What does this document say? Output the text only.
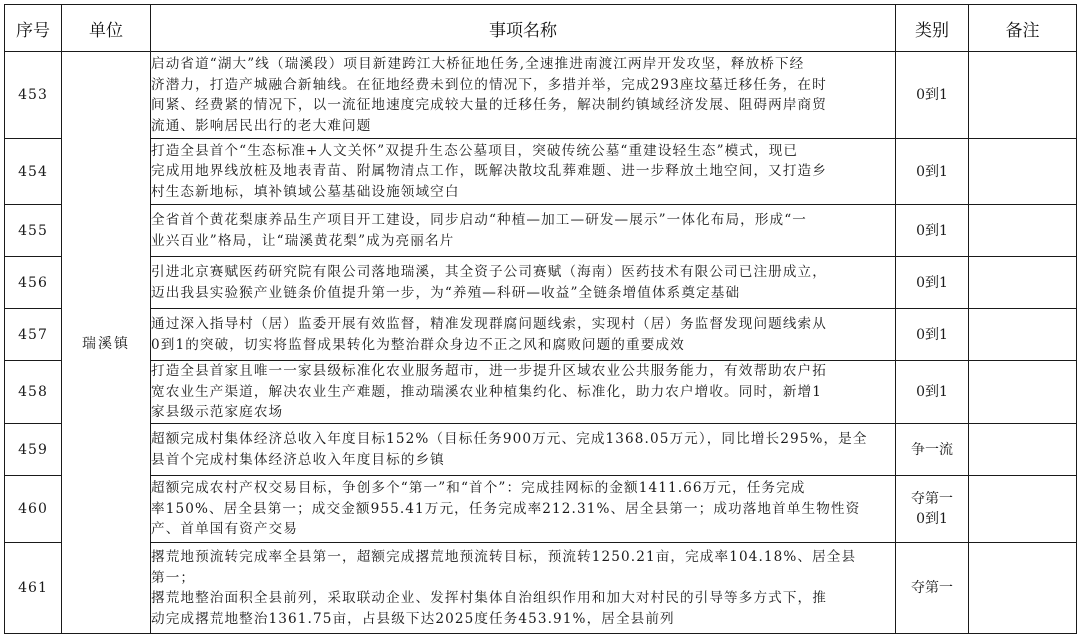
序号	单位	事项名称	类别	备注
453	瑞溪镇	启动省道“湖大”线（瑞溪段）项目新建跨江大桥征地任务,全速推进南渡江两岸开发攻坚，释放桥下经
济潜力，打造产城融合新轴线。在征地经费未到位的情况下，多措并举，完成293座坟墓迁移任务，在时
间紧、经费紧的情况下，以一流征地速度完成较大量的迁移任务，解决制约镇域经济发展、阻碍两岸商贸
流通、影响居民出行的老大难问题	0到1	

454		打造全县首个“生态标准+人文关怀”双提升生态公墓项目，突破传统公墓“重建设轻生态”模式，现已
完成用地界线放桩及地表青苗、附属物清点工作，既解决散坟乱葬难题、进一步释放土地空间，又打造乡
村生态新地标，填补镇域公墓基础设施领域空白	0到1	

455		全省首个黄花梨康养品生产项目开工建设，同步启动“种植—加工—研发—展示”一体化布局，形成“一
业兴百业”格局，让“瑞溪黄花梨”成为亮丽名片	0到1	

456		引进北京赛赋医药研究院有限公司落地瑞溪，其全资子公司赛赋（海南）医药技术有限公司已注册成立，
迈出我县实验猴产业链条价值提升第一步，为“养殖—科研—收益”全链条增值体系奠定基础	0到1	

457		通过深入指导村（居）监委开展有效监督，精准发现群腐问题线索，实现村（居）务监督发现问题线索从
0到1的突破，切实将监督成果转化为整治群众身边不正之风和腐败问题的重要成效	0到1	

458		打造全县首家且唯一一家县级标准化农业服务超市，进一步提升区域农业公共服务能力，有效帮助农户拓
宽农业生产渠道，解决农业生产难题，推动瑞溪农业种植集约化、标准化，助力农户增收。同时，新增1
家县级示范家庭农场	0到1	

459		超额完成村集体经济总收入年度目标152%（目标任务900万元、完成1368.05万元），同比增长295%，是全
县首个完成村集体经济总收入年度目标的乡镇	争一流	

460		超额完成农村产权交易目标，争创多个“第一”和“首个”：完成挂网标的金额1411.66万元，任务完成
率150%、居全县第一；成交金额955.41万元，任务完成率212.31%、居全县第一；成功落地首单生物性资
产、首单国有资产交易	夺第一
0到1	

461		撂荒地预流转完成率全县第一，超额完成撂荒地预流转目标，预流转1250.21亩，完成率104.18%、居全县
第一；
撂荒地整治面积全县前列，采取联动企业、发挥村集体自治组织作用和加大对村民的引导等多方式下，推
动完成撂荒地整治1361.75亩，占县级下达2025度任务453.91%，居全县前列	夺第一	
